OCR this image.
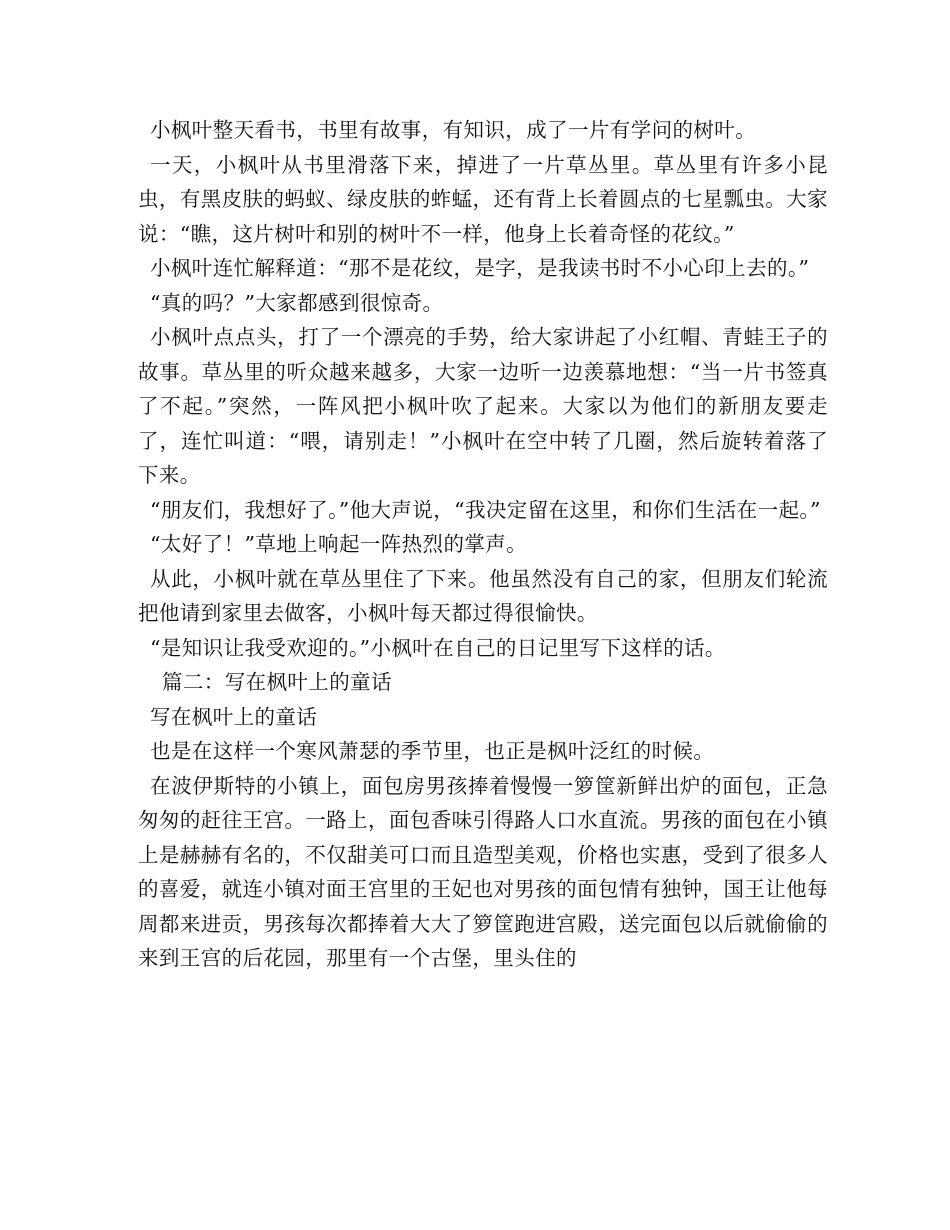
小枫叶整天看书，书里有故事，有知识，成了一片有学问的树叶。

一天，小枫叶从书里滑落下来，掉进了一片草丛里。草丛里有许多小昆虫，有黑皮肤的蚂蚁、绿皮肤的蚱蜢，还有背上长着圆点的七星瓢虫。大家说：“瞧，这片树叶和别的树叶不一样，他身上长着奇怪的花纹。”

小枫叶连忙解释道：“那不是花纹，是字，是我读书时不小心印上去的。”

“真的吗？”大家都感到很惊奇。

小枫叶点点头，打了一个漂亮的手势，给大家讲起了小红帽、青蛙王子的故事。草丛里的听众越来越多，大家一边听一边羡慕地想：“当一片书签真了不起。”突然，一阵风把小枫叶吹了起来。大家以为他们的新朋友要走了，连忙叫道：“喂，请别走！”小枫叶在空中转了几圈，然后旋转着落了下来。

“朋友们，我想好了。”他大声说，“我决定留在这里，和你们生活在一起。”

“太好了！”草地上响起一阵热烈的掌声。

从此，小枫叶就在草丛里住了下来。他虽然没有自己的家，但朋友们轮流把他请到家里去做客，小枫叶每天都过得很愉快。

“是知识让我受欢迎的。”小枫叶在自己的日记里写下这样的话。

篇二：写在枫叶上的童话

写在枫叶上的童话

也是在这样一个寒风萧瑟的季节里，也正是枫叶泛红的时候。

在波伊斯特的小镇上，面包房男孩捧着慢慢一箩筐新鲜出炉的面包，正急匆匆的赶往王宫。一路上，面包香味引得路人口水直流。男孩的面包在小镇上是赫赫有名的，不仅甜美可口而且造型美观，价格也实惠，受到了很多人的喜爱，就连小镇对面王宫里的王妃也对男孩的面包情有独钟，国王让他每周都来进贡，男孩每次都捧着大大了箩筐跑进宫殿，送完面包以后就偷偷的来到王宫的后花园，那里有一个古堡，里头住的
